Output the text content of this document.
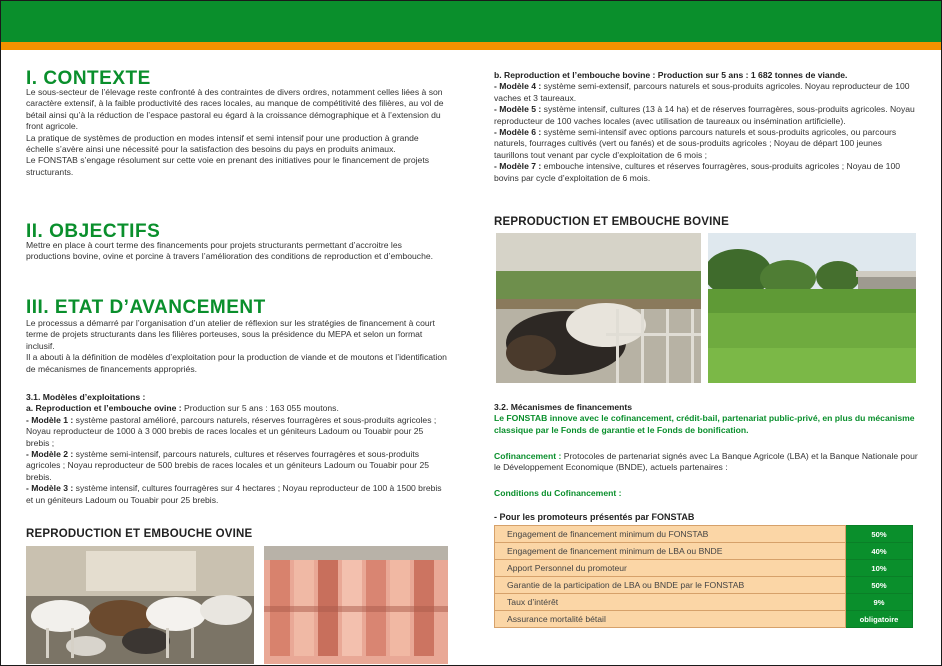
I. CONTEXTE

Le sous-secteur de l’élevage reste confronté à des contraintes de divers ordres, notamment celles liées à son caractère extensif, à la faible productivité des races locales, au manque de compétitivité des filières, au vol de bétail ainsi qu’à la réduction de l’espace pastoral eu égard à la croissance démographique et à l’extension du front agricole.

La pratique de systèmes de production en modes intensif et semi intensif pour une production à grande échelle s’avère ainsi une nécessité pour la satisfaction des besoins du pays en produits animaux.

Le FONSTAB s’engage résolument sur cette voie en prenant des initiatives pour le financement de projets structurants.

II. OBJECTIFS

Mettre en place à court terme des financements pour projets structurants permettant d’accroitre les productions bovine, ovine et porcine à travers l’amélioration des conditions de reproduction et d’embouche.

III. ETAT D’AVANCEMENT

Le processus a démarré par l’organisation d’un atelier de réflexion sur les stratégies de financement à court terme de projets structurants dans les filières porteuses, sous la présidence du MEPA et selon un format inclusif.

Il a abouti à la définition de modèles d’exploitation pour la production de viande et de moutons et l’identification de mécanismes de financements appropriés.

3.1. Modèles d’exploitations :

a. Reproduction et l’embouche ovine : Production sur 5 ans : 163 055 moutons.

- Modèle 1 : système pastoral amélioré, parcours naturels, réserves fourragères et sous-produits agricoles ; Noyau reproducteur de 1000 à 3 000 brebis de races locales et un géniteurs Ladoum ou Touabir pour 25 brebis ;

- Modèle 2 : système semi-intensif, parcours naturels, cultures et réserves fourragères et sous-produits agricoles ; Noyau reproducteur de 500 brebis de races locales et un géniteurs Ladoum ou Touabir pour 25 brebis.

- Modèle 3 : système intensif, cultures fourragères sur 4 hectares ; Noyau reproducteur de 100 à 1500 brebis et un géniteurs Ladoum ou Touabir pour 25 brebis.

REPRODUCTION ET EMBOUCHE OVINE

b. Reproduction et l’embouche bovine : Production sur 5 ans : 1 682 tonnes de viande.

- Modèle 4 : système semi-extensif, parcours naturels et sous-produits agricoles. Noyau reproducteur de 100 vaches et 3 taureaux.

- Modèle 5 : système intensif, cultures (13 à 14 ha) et de réserves fourragères, sous-produits agricoles. Noyau reproducteur de 100 vaches locales (avec utilisation de taureaux ou insémination artificielle).

- Modèle 6 : système semi-intensif avec options parcours naturels et sous-produits agricoles, ou parcours naturels, fourrages cultivés (vert ou fanés) et de sous-produits agricoles ; Noyau de départ 100 jeunes taurillons tout venant par cycle d’exploitation de 6 mois ;

- Modèle 7 : embouche intensive, cultures et réserves fourragères, sous-produits agricoles ; Noyau de 100 bovins par cycle d’exploitation de 6 mois.

REPRODUCTION ET EMBOUCHE BOVINE

3.2. Mécanismes de financements

Le FONSTAB innove avec le cofinancement, crédit-bail, partenariat public-privé, en plus du mécanisme classique par le Fonds de garantie et le Fonds de bonification.

Cofinancement : Protocoles de partenariat signés avec La Banque Agricole (LBA) et la Banque Nationale pour le Développement Economique (BNDE), actuels partenaires :

Conditions du Cofinancement :
- Pour les promoteurs présentés par FONSTAB
Engagement de financement minimum du FONSTAB	50%
Engagement de financement minimum de LBA ou BNDE	40%
Apport Personnel du promoteur	10%
Garantie de la participation de LBA ou BNDE par le FONSTAB	50%
Taux d’intérêt	9%
Assurance mortalité bétail	obligatoire
